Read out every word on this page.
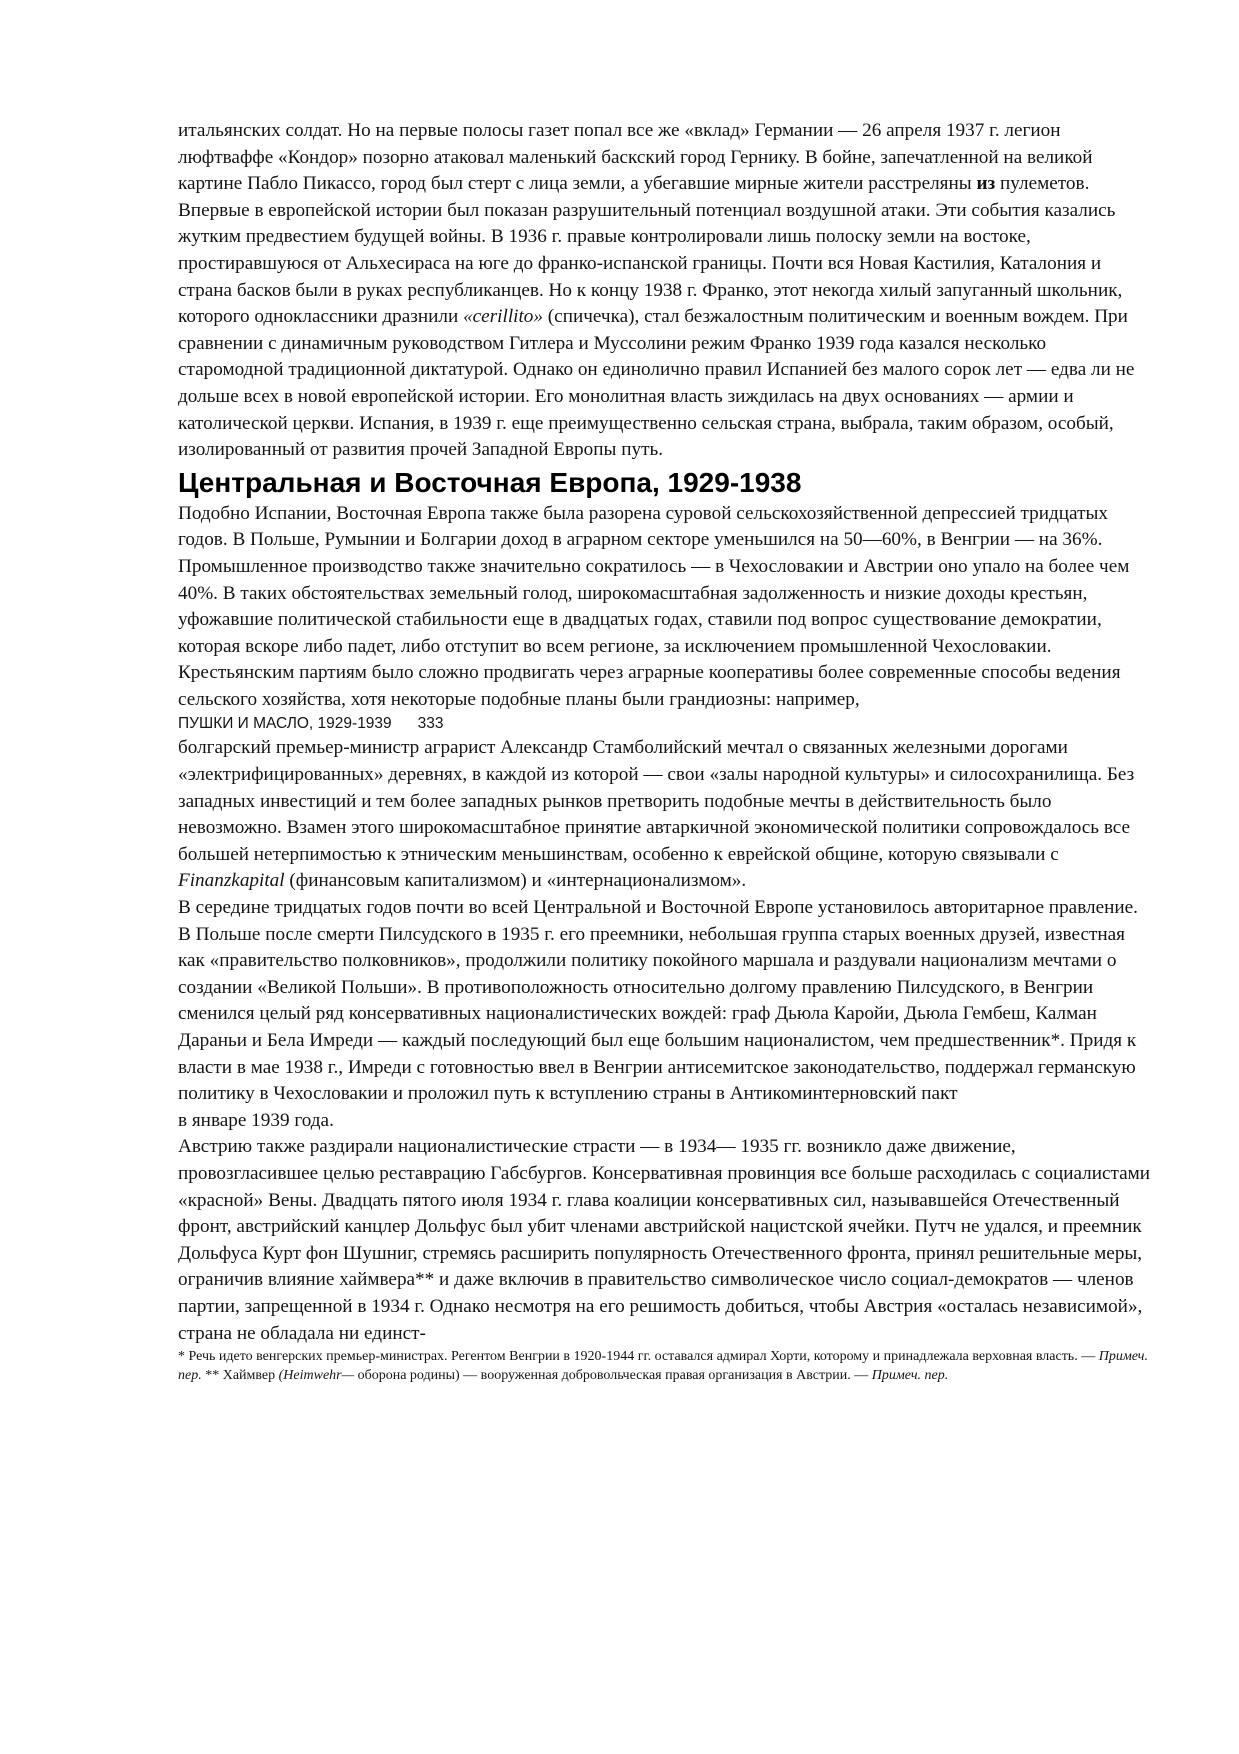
итальянских солдат. Но на первые полосы газет попал все же «вклад» Германии — 26 апреля 1937 г. легион люфтваффе «Кондор» позорно атаковал маленький баскский город Гернику. В бойне, запечатленной на великой картине Пабло Пикассо, город был стерт с лица земли, а убегавшие мирные жители расстреляны из пулеметов. Впервые в европейской истории был показан разрушительный потенциал воздушной атаки. Эти события казались жутким предвестием будущей войны. В 1936 г. правые контролировали лишь полоску земли на востоке, простиравшуюся от Альхесираса на юге до франко-испанской границы. Почти вся Новая Кастилия, Каталония и страна басков были в руках республиканцев. Но к концу 1938 г. Франко, этот некогда хилый запуганный школьник, которого одноклассники дразнили «cerillito» (спичечка), стал безжалостным политическим и военным вождем. При сравнении с динамичным руководством Гитлера и Муссолини режим Франко 1939 года казался несколько старомодной традиционной диктатурой. Однако он единолично правил Испанией без малого сорок лет — едва ли не дольше всех в новой европейской истории. Его монолитная власть зиждилась на двух основаниях — армии и католической церкви. Испания, в 1939 г. еще преимущественно сельская страна, выбрала, таким образом, особый, изолированный от развития прочей Западной Европы путь.

Центральная и Восточная Европа, 1929-1938

Подобно Испании, Восточная Европа также была разорена суровой сельскохозяйственной депрессией тридцатых годов. В Польше, Румынии и Болгарии доход в аграрном секторе уменьшился на 50—60%, в Венгрии — на 36%. Промышленное производство также значительно сократилось — в Чехословакии и Австрии оно упало на более чем 40%. В таких обстоятельствах земельный голод, широкомасштабная задолженность и низкие доходы крестьян, уфожавшие политической стабильности еще в двадцатых годах, ставили под вопрос существование демократии, которая вскоре либо падет, либо отступит во всем регионе, за исключением промышленной Чехословакии.

Крестьянским партиям было сложно продвигать через аграрные кооперативы более современные способы ведения сельского хозяйства, хотя некоторые подобные планы были грандиозны: например,

ПУШКИ И МАСЛО, 1929-1939 333

болгарский премьер-министр аграрист Александр Стамболийский мечтал о связанных железными дорогами «электрифицированных» деревнях, в каждой из которой — свои «залы народной культуры» и силосохранилища. Без западных инвестиций и тем более западных рынков претворить подобные мечты в действительность было невозможно. Взамен этого широкомасштабное принятие автаркичной экономической политики сопровождалось все большей нетерпимостью к этническим меньшинствам, особенно к еврейской общине, которую связывали с Finanzkapital (финансовым капитализмом) и «интернационализмом».

В середине тридцатых годов почти во всей Центральной и Восточной Европе установилось авторитарное правление. В Польше после смерти Пилсудского в 1935 г. его преемники, небольшая группа старых военных друзей, известная как «правительство полковников», продолжили политику покойного маршала и раздували национализм мечтами о создании «Великой Польши». В противоположность относительно долгому правлению Пилсудского, в Венгрии сменился целый ряд консервативных националистических вождей: граф Дьюла Каройи, Дьюла Гембеш, Калман Дараньи и Бела Имреди — каждый последующий был еще большим националистом, чем предшественник*. Придя к власти в мае 1938 г., Имреди с готовностью ввел в Венгрии антисемитское законодательство, поддержал германскую политику в Чехословакии и проложил путь к вступлению страны в Антикоминтерновский пакт

в январе 1939 года.

Австрию также раздирали националистические страсти — в 1934— 1935 гг. возникло даже движение, провозгласившее целью реставрацию Габсбургов. Консервативная провинция все больше расходилась с социалистами «красной» Вены. Двадцать пятого июля 1934 г. глава коалиции консервативных сил, называвшейся Отечественный фронт, австрийский канцлер Дольфус был убит членами австрийской нацистской ячейки. Путч не удался, и преемник Дольфуса Курт фон Шушниг, стремясь расширить популярность Отечественного фронта, принял решительные меры, ограничив влияние хаймвера** и даже включив в правительство символическое число социал-демократов — членов партии, запрещенной в 1934 г. Однако несмотря на его решимость добиться, чтобы Австрия «осталась независимой», страна не обладала ни единст-

* Речь идето венгерских премьер-министрах. Регентом Венгрии в 1920-1944 гг. оставался адмирал Хорти, которому и принадлежала верховная власть. — Примеч. пер. ** Хаймвер (Heimwehr— оборона родины) — вооруженная добровольческая правая организация в Австрии. — Примеч. пер.
